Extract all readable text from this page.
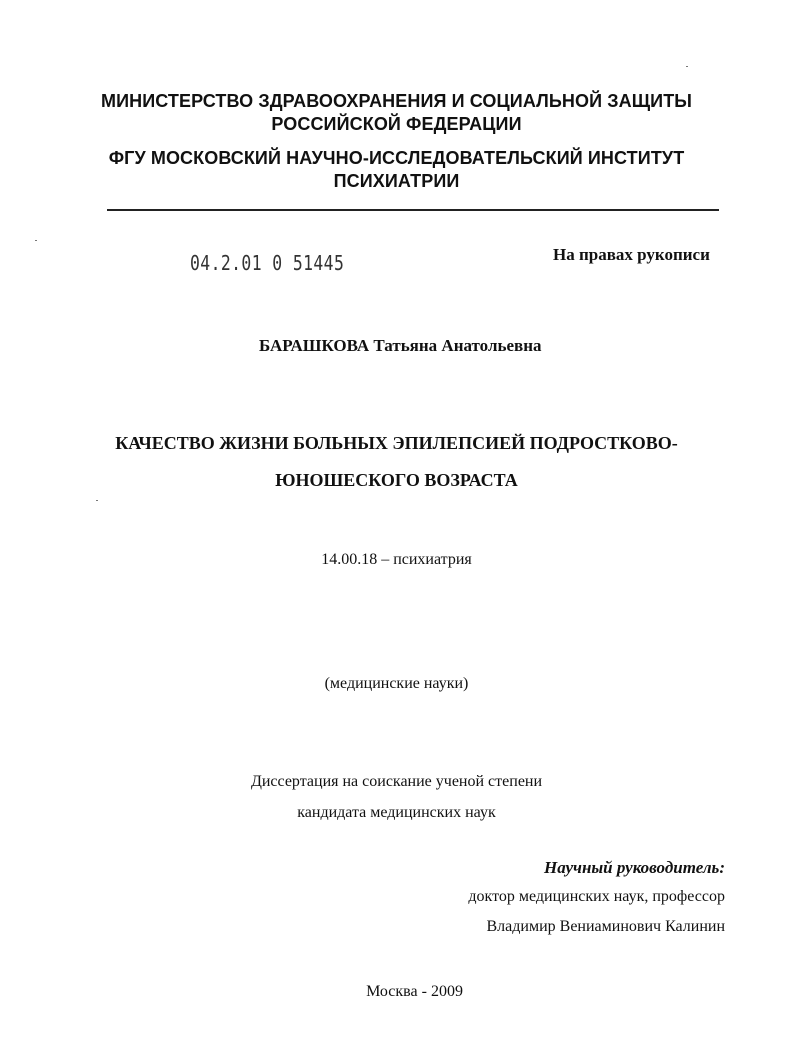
МИНИСТЕРСТВО ЗДРАВООХРАНЕНИЯ И СОЦИАЛЬНОЙ ЗАЩИТЫ
РОССИЙСКОЙ ФЕДЕРАЦИИ
ФГУ МОСКОВСКИЙ НАУЧНО-ИССЛЕДОВАТЕЛЬСКИЙ ИНСТИТУТ
ПСИХИАТРИИ
04.2.01 0 51445	На правах рукописи
БАРАШКОВА Татьяна Анатольевна
КАЧЕСТВО ЖИЗНИ БОЛЬНЫХ ЭПИЛЕПСИЕЙ ПОДРОСТКОВО-
ЮНОШЕСКОГО ВОЗРАСТА
14.00.18 – психиатрия
(медицинские науки)
Диссертация на соискание ученой степени
кандидата медицинских наук
Научный руководитель:
доктор медицинских наук, профессор
Владимир Вениаминович Калинин
Москва - 2009
